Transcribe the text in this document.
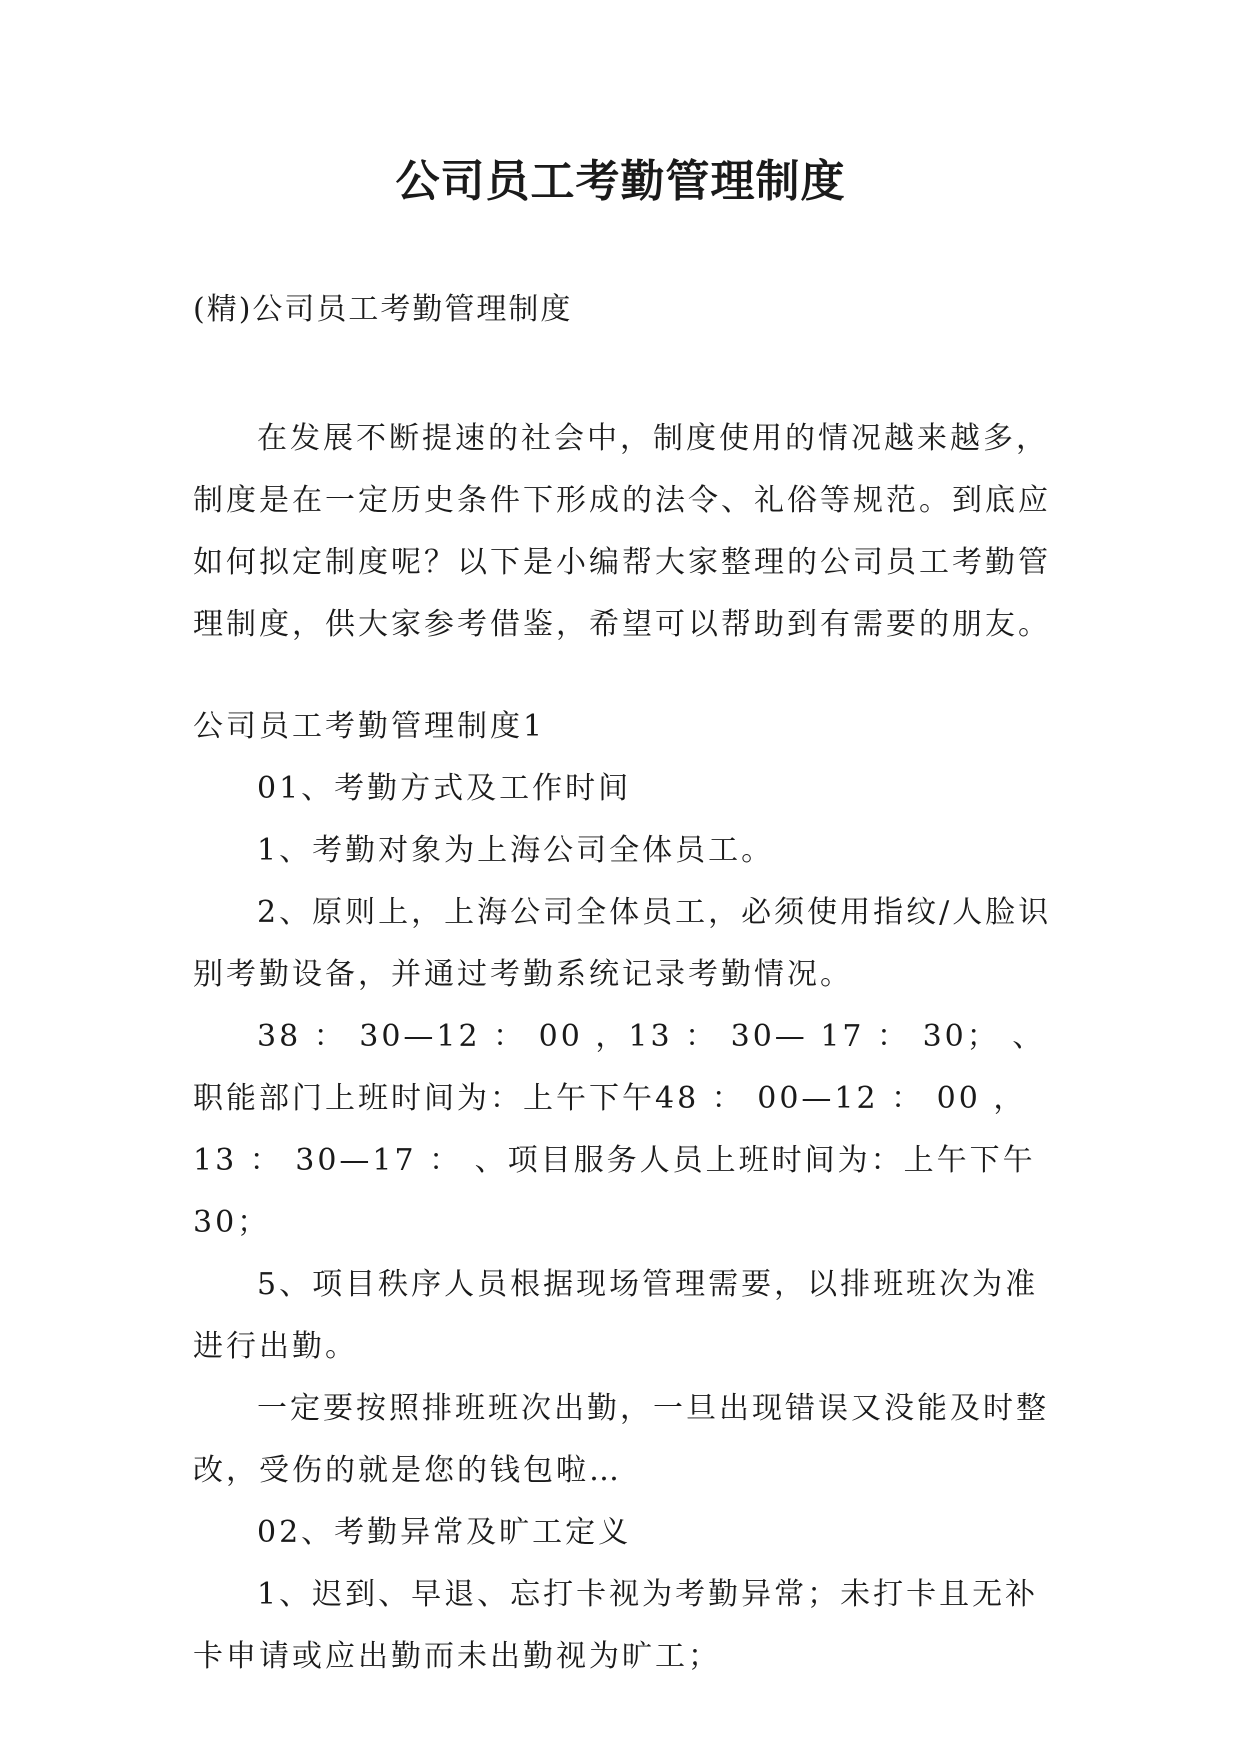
公司员工考勤管理制度
(精)公司员工考勤管理制度

在发展不断提速的社会中，制度使用的情况越来越多，制度是在一定历史条件下形成的法令、礼俗等规范。到底应如何拟定制度呢？以下是小编帮大家整理的公司员工考勤管理制度，供大家参考借鉴，希望可以帮助到有需要的朋友。

公司员工考勤管理制度1

01、考勤方式及工作时间

1、考勤对象为上海公司全体员工。

2、原则上，上海公司全体员工，必须使用指纹/人脸识别考勤设备，并通过考勤系统记录考勤情况。

38 ： 30—12 ： 00 ，13 ： 30— 17 ： 30； 、职能部门上班时间为：上午下午48 ： 00—12 ： 00 ，13 ： 30—17 ： 、项目服务人员上班时间为：上午下午 30；

5、项目秩序人员根据现场管理需要，以排班班次为准进行出勤。

一定要按照排班班次出勤，一旦出现错误又没能及时整改，受伤的就是您的钱包啦…

02、考勤异常及旷工定义

1、迟到、早退、忘打卡视为考勤异常；未打卡且无补卡申请或应出勤而未出勤视为旷工；
